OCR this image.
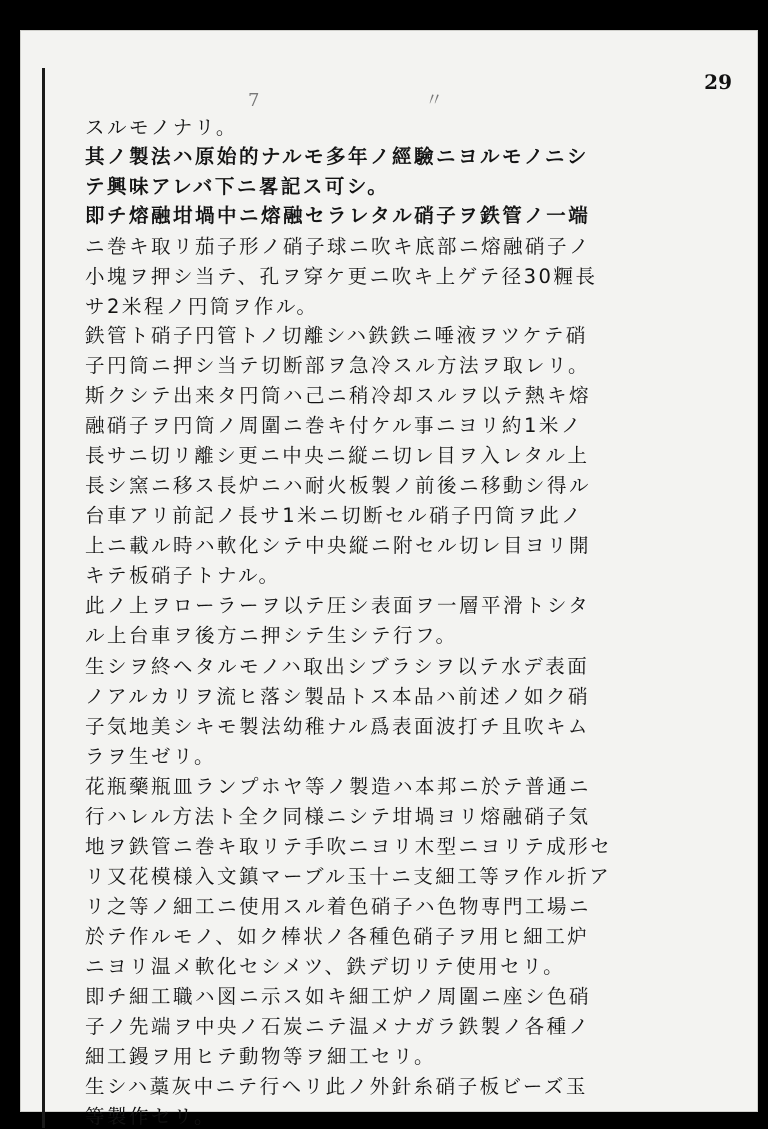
7 〃
29
スルモノナリ。
其ノ製法ハ原始的ナルモ多年ノ經驗ニヨルモノニシ
テ興味アレバ下ニ畧記ス可シ。
即チ熔融坩堝中ニ熔融セラレタル硝子ヲ鉄管ノ一端
ニ巻キ取リ茄子形ノ硝子球ニ吹キ底部ニ熔融硝子ノ
小塊ヲ押シ当テ、孔ヲ穿ケ更ニ吹キ上ゲテ径30糎長
サ2米程ノ円筒ヲ作ル。
鉄管ト硝子円管トノ切離シハ鉄鉄ニ唾液ヲツケテ硝
子円筒ニ押シ当テ切断部ヲ急冷スル方法ヲ取レリ。
斯クシテ出来タ円筒ハ己ニ稍冷却スルヲ以テ熱キ熔
融硝子ヲ円筒ノ周圍ニ巻キ付ケル事ニヨリ約1米ノ
長サニ切リ離シ更ニ中央ニ縦ニ切レ目ヲ入レタル上
長シ窯ニ移ス長炉ニハ耐火板製ノ前後ニ移動シ得ル
台車アリ前記ノ長サ1米ニ切断セル硝子円筒ヲ此ノ
上ニ載ル時ハ軟化シテ中央縦ニ附セル切レ目ヨリ開
キテ板硝子トナル。
此ノ上ヲローラーヲ以テ圧シ表面ヲ一層平滑トシタ
ル上台車ヲ後方ニ押シテ生シテ行フ。
生シヲ終ヘタルモノハ取出シブラシヲ以テ水デ表面
ノアルカリヲ流ヒ落シ製品トス本品ハ前述ノ如ク硝
子気地美シキモ製法幼稚ナル爲表面波打チ且吹キム
ラヲ生ゼリ。
花瓶藥瓶皿ランプホヤ等ノ製造ハ本邦ニ於テ普通ニ
行ハレル方法ト全ク同様ニシテ坩堝ヨリ熔融硝子気
地ヲ鉄管ニ巻キ取リテ手吹ニヨリ木型ニヨリテ成形セ
リ又花模様入文鎮マーブル玉十ニ支細工等ヲ作ル折ア
リ之等ノ細工ニ使用スル着色硝子ハ色物専門工場ニ
於テ作ルモノ、如ク棒状ノ各種色硝子ヲ用ヒ細工炉
ニヨリ温メ軟化セシメツ、鉄デ切リテ使用セリ。
即チ細工職ハ図ニ示ス如キ細工炉ノ周圍ニ座シ色硝
子ノ先端ヲ中央ノ石炭ニテ温メナガラ鉄製ノ各種ノ
細工鏝ヲ用ヒテ動物等ヲ細工セリ。
生シハ藁灰中ニテ行ヘリ此ノ外針糸硝子板ビーズ玉
等製作セリ。
